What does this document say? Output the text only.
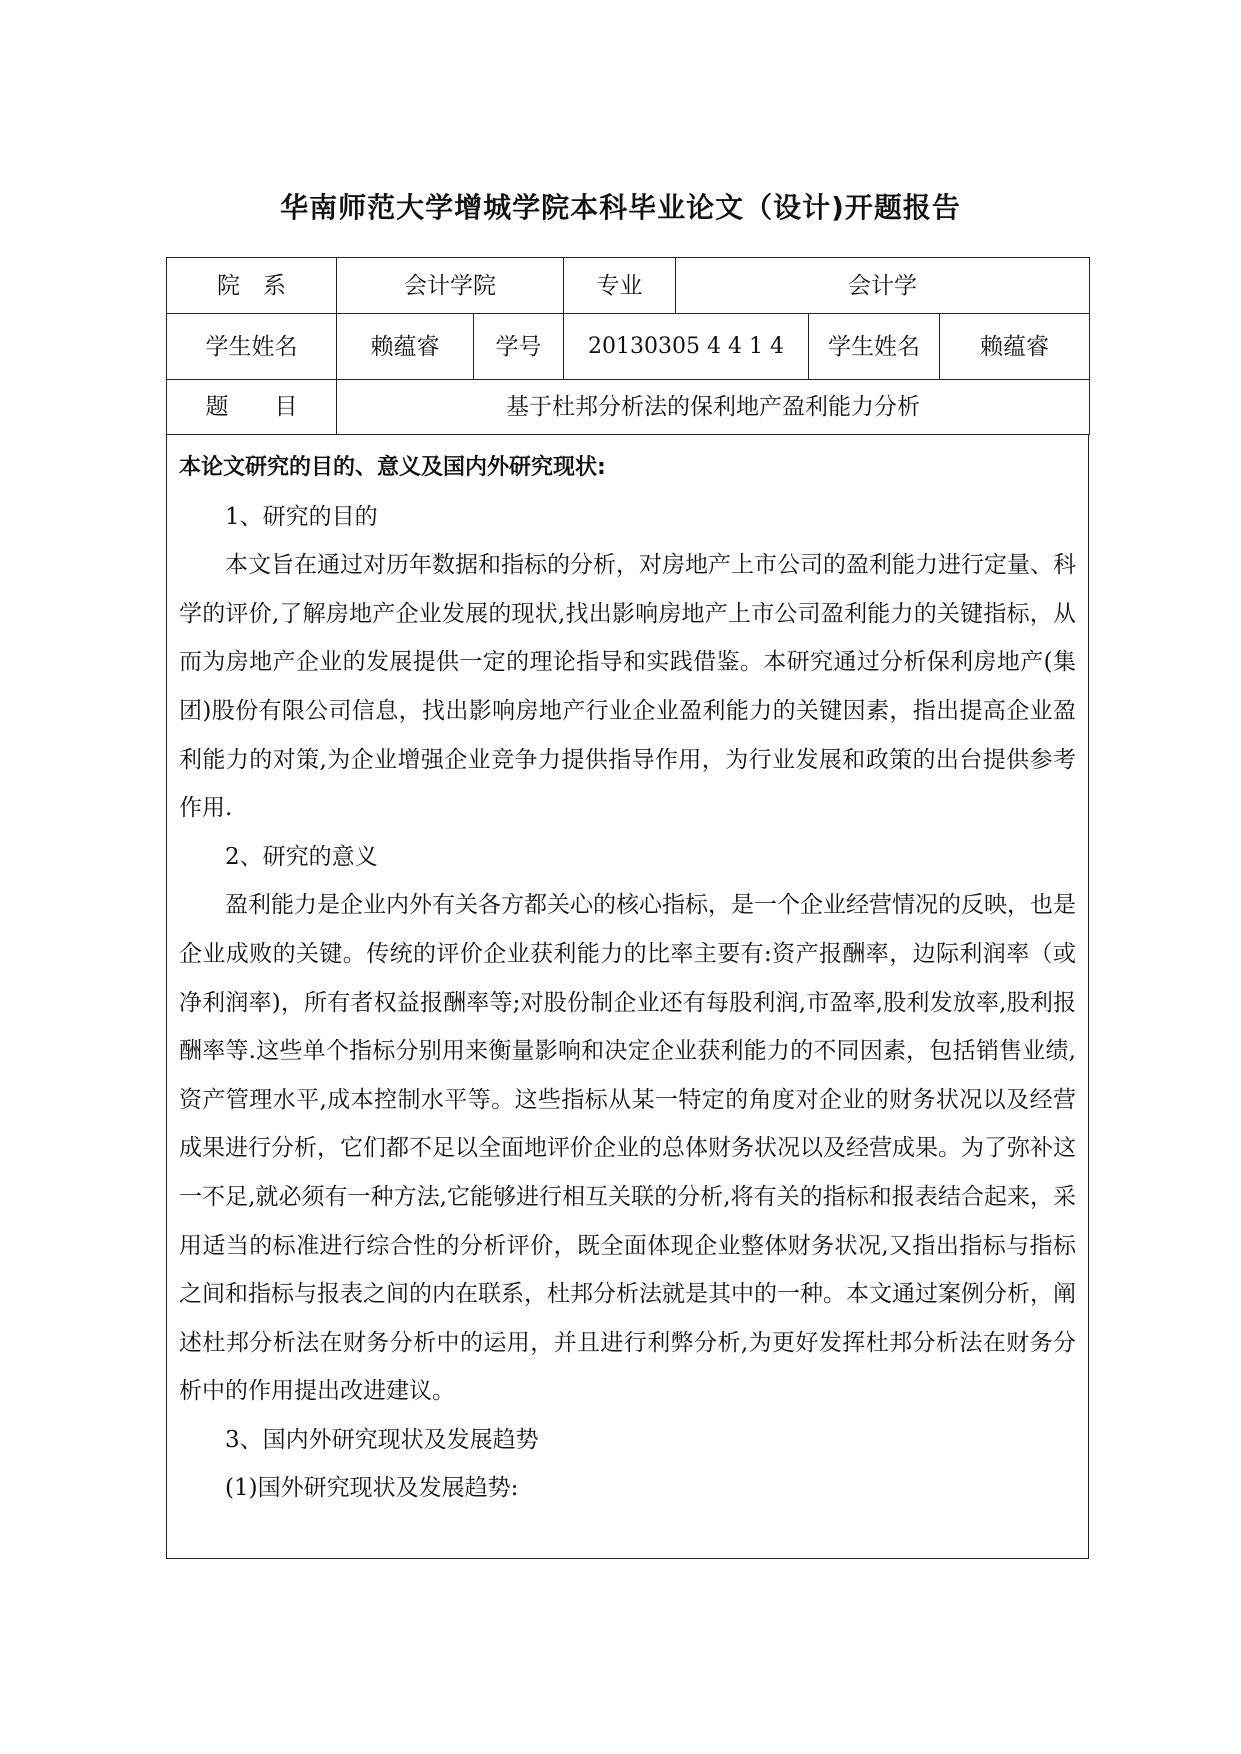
华南师范大学增城学院本科毕业论文（设计)开题报告
院　系	会计学院		专业	会计学		
学生姓名	赖蕴睿	学号	20130305 4 4 1 4		学生姓名	赖蕴睿
题　　目	基于杜邦分析法的保利地产盈利能力分析					

本论文研究的目的、意义及国内外研究现状:

1、研究的目的

本文旨在通过对历年数据和指标的分析，对房地产上市公司的盈利能力进行定量、科学的评价,了解房地产企业发展的现状,找出影响房地产上市公司盈利能力的关键指标，从而为房地产企业的发展提供一定的理论指导和实践借鉴。本研究通过分析保利房地产(集团)股份有限公司信息，找出影响房地产行业企业盈利能力的关键因素，指出提高企业盈利能力的对策,为企业增强企业竞争力提供指导作用，为行业发展和政策的出台提供参考作用.

2、研究的意义

盈利能力是企业内外有关各方都关心的核心指标，是一个企业经营情况的反映，也是企业成败的关键。传统的评价企业获利能力的比率主要有:资产报酬率，边际利润率（或净利润率)，所有者权益报酬率等;对股份制企业还有每股利润,市盈率,股利发放率,股利报酬率等.这些单个指标分别用来衡量影响和决定企业获利能力的不同因素，包括销售业绩,资产管理水平,成本控制水平等。这些指标从某一特定的角度对企业的财务状况以及经营成果进行分析，它们都不足以全面地评价企业的总体财务状况以及经营成果。为了弥补这一不足,就必须有一种方法,它能够进行相互关联的分析,将有关的指标和报表结合起来，采用适当的标准进行综合性的分析评价，既全面体现企业整体财务状况,又指出指标与指标之间和指标与报表之间的内在联系，杜邦分析法就是其中的一种。本文通过案例分析，阐述杜邦分析法在财务分析中的运用，并且进行利弊分析,为更好发挥杜邦分析法在财务分析中的作用提出改进建议。

3、国内外研究现状及发展趋势

(1)国外研究现状及发展趋势:
